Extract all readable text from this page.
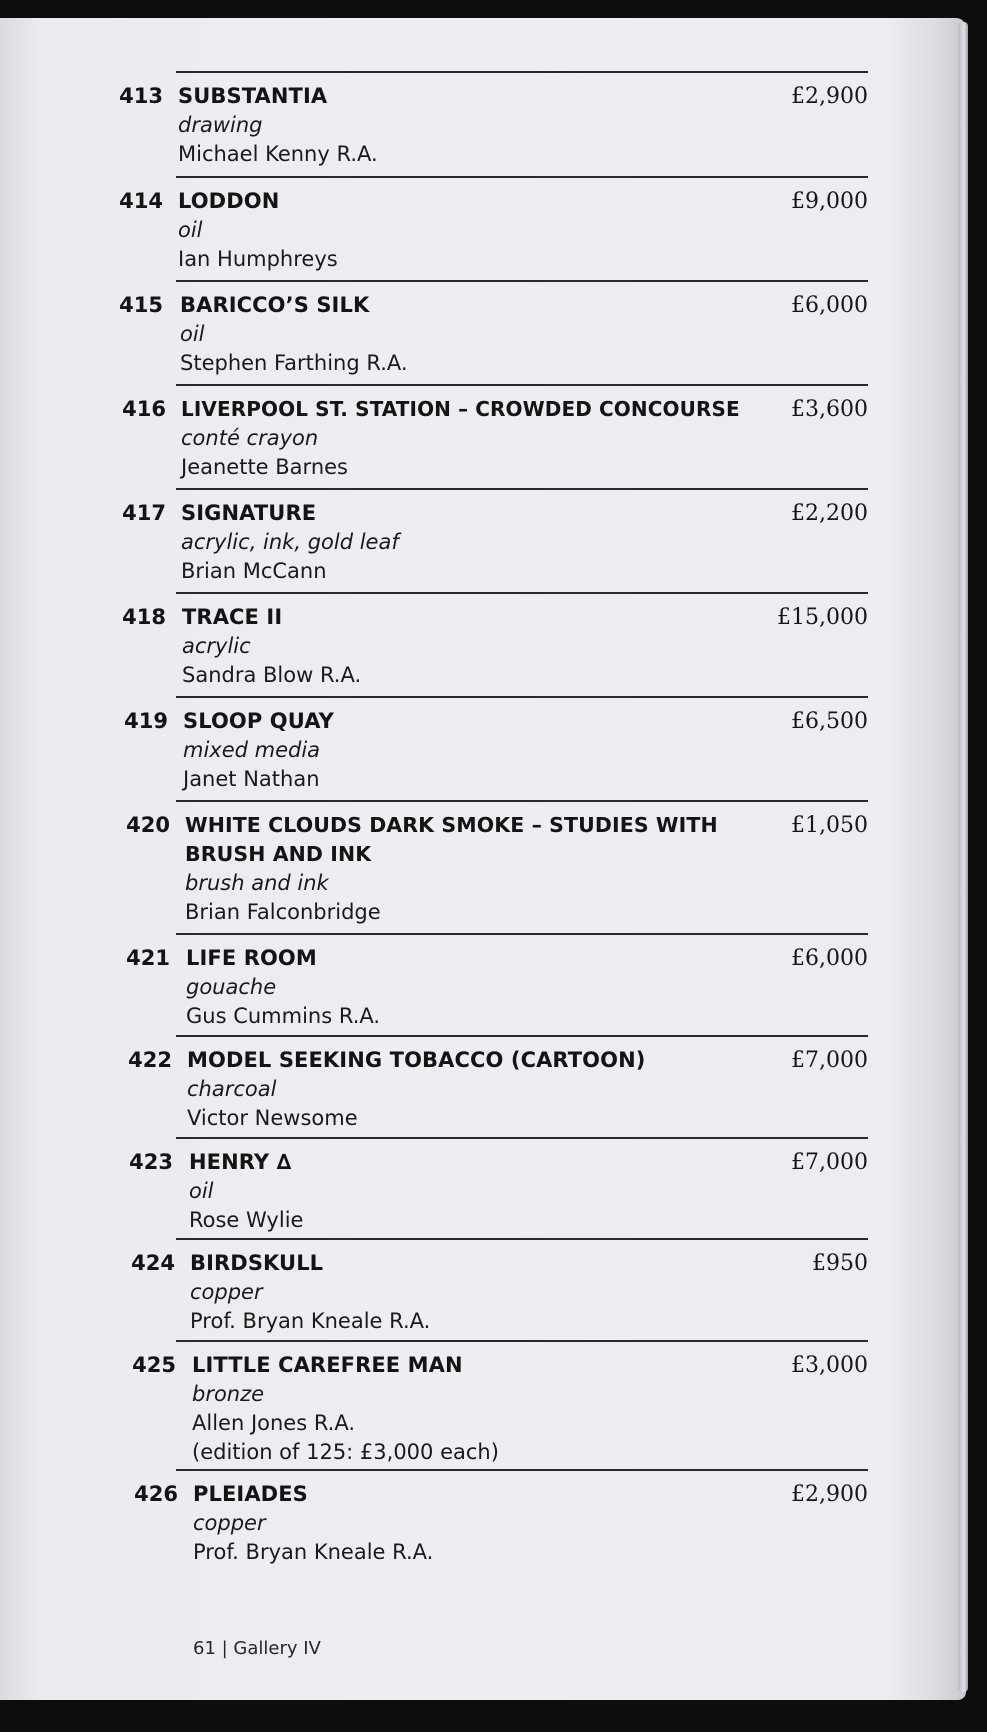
413 SUBSTANTIA
drawing
Michael Kenny R.A.
£2,900
414 LODDON
oil
Ian Humphreys
£9,000
415 BARICCO’S SILK
oil
Stephen Farthing R.A.
£6,000
416 LIVERPOOL ST. STATION – CROWDED CONCOURSE
conté crayon
Jeanette Barnes
£3,600
417 SIGNATURE
acrylic, ink, gold leaf
Brian McCann
£2,200
418 TRACE II
acrylic
Sandra Blow R.A.
£15,000
419 SLOOP QUAY
mixed media
Janet Nathan
£6,500
420 WHITE CLOUDS DARK SMOKE – STUDIES WITH
BRUSH AND INK
brush and ink
Brian Falconbridge
£1,050
421 LIFE ROOM
gouache
Gus Cummins R.A.
£6,000
422 MODEL SEEKING TOBACCO (CARTOON)
charcoal
Victor Newsome
£7,000
423 HENRY ∆
oil
Rose Wylie
£7,000
424 BIRDSKULL
copper
Prof. Bryan Kneale R.A.
£950
425 LITTLE CAREFREE MAN
bronze
Allen Jones R.A.
(edition of 125: £3,000 each)
£3,000
426 PLEIADES
copper
Prof. Bryan Kneale R.A.
£2,900
61 | Gallery IV
